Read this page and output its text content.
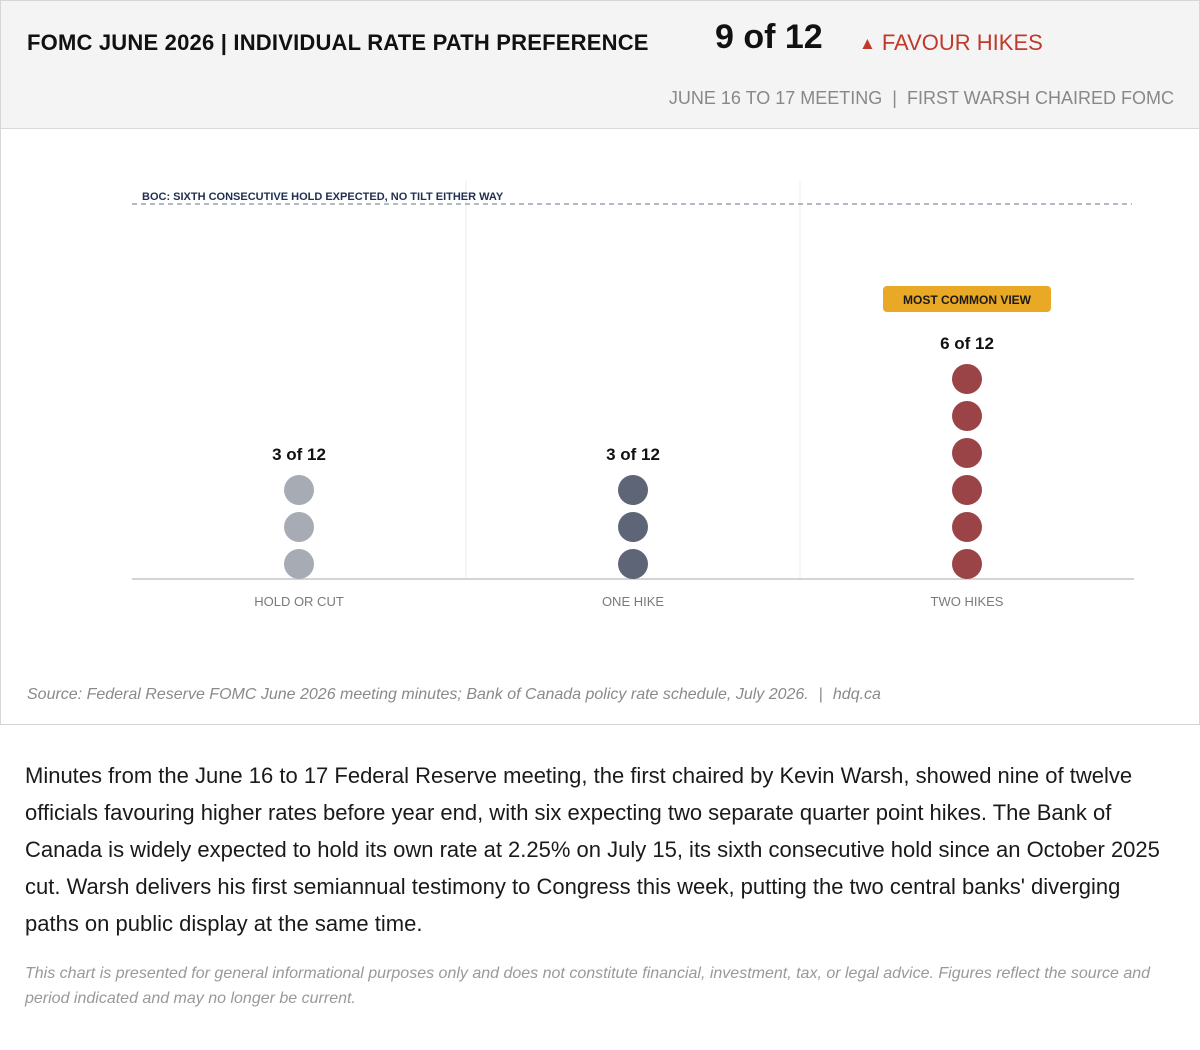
FOMC JUNE 2026 | INDIVIDUAL RATE PATH PREFERENCE 9 of 12 ▲ FAVOUR HIKES
JUNE 16 TO 17 MEETING | FIRST WARSH CHAIRED FOMC
BOC: SIXTH CONSECUTIVE HOLD EXPECTED, NO TILT EITHER WAY
3 of 12
HOLD OR CUT
3 of 12
ONE HIKE
6 of 12
TWO HIKES
MOST COMMON VIEW
Source: Federal Reserve FOMC June 2026 meeting minutes; Bank of Canada policy rate schedule, July 2026. | hdq.ca
Minutes from the June 16 to 17 Federal Reserve meeting, the first chaired by Kevin Warsh, showed nine of twelve officials favouring higher rates before year end, with six expecting two separate quarter point hikes. The Bank of Canada is widely expected to hold its own rate at 2.25% on July 15, its sixth consecutive hold since an October 2025 cut. Warsh delivers his first semiannual testimony to Congress this week, putting the two central banks' diverging paths on public display at the same time.
This chart is presented for general informational purposes only and does not constitute financial, investment, tax, or legal advice. Figures reflect the source and period indicated and may no longer be current.
